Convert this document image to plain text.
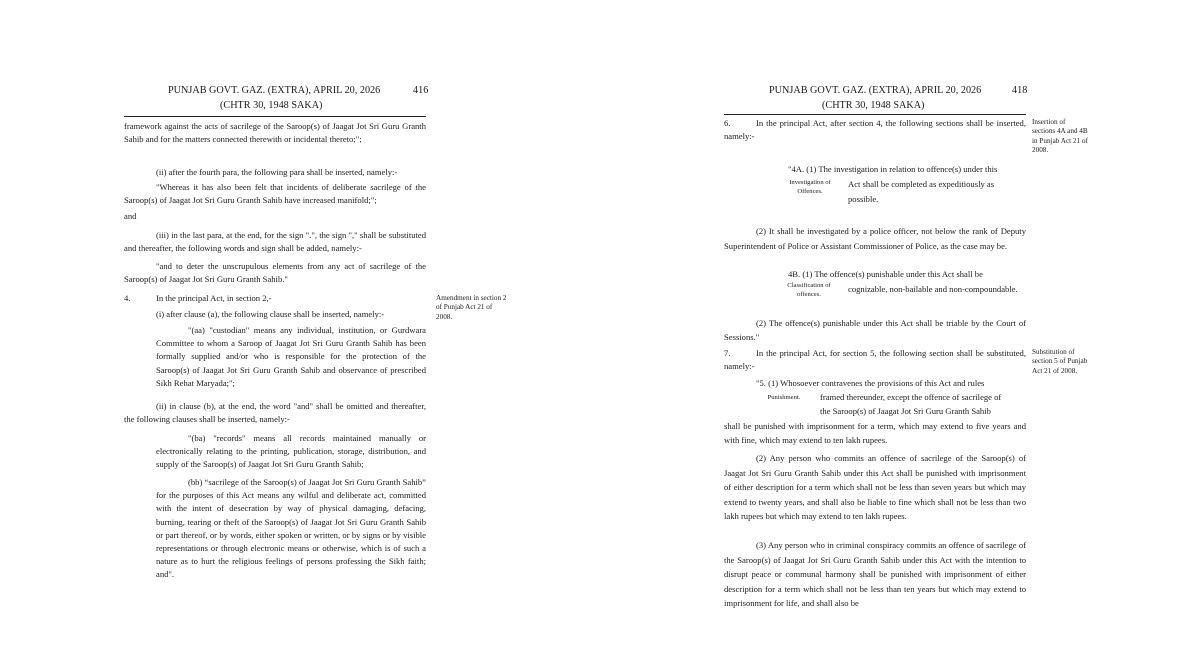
PUNJAB GOVT. GAZ. (EXTRA), APRIL 20, 2026	416
(CHTR 30, 1948 SAKA)
framework against the acts of sacrilege of the Saroop(s) of Jaagat Jot Sri Guru Granth Sahib and for the matters connected therewith or incidental thereto;";
(ii) after the fourth para, the following para shall be inserted, namely:-
"Whereas it has also been felt that incidents of deliberate sacrilege of the Saroop(s) of Jaagat Jot Sri Guru Granth Sahib have increased manifold;";
and
(iii) in the last para, at the end, for the sign ".", the sign "," shall be substituted and thereafter, the following words and sign shall be added, namely:-
"and to deter the unscrupulous elements from any act of sacrilege of the Saroop(s) of Jaagat Jot Sri Guru Granth Sahib."
4.	In the principal Act, in section 2,-	Amendment in section 2 of Punjab Act 21 of 2008.
(i) after clause (a), the following clause shall be inserted, namely:-
"(aa) "custodian" means any individual, institution, or Gurdwara Committee to whom a Saroop of Jaagat Jot Sri Guru Granth Sahib has been formally supplied and/or who is responsible for the protection of the Saroop(s) of Jaagat Jot Sri Guru Granth Sahib and observance of prescribed Sikh Rehat Maryada;";
(ii) in clause (b), at the end, the word "and" shall be omitted and thereafter, the following clauses shall be inserted, namely:-
"(ba) "records" means all records maintained manually or electronically relating to the printing, publication, storage, distribution, and supply of the Saroop(s) of Jaagat Jot Sri Guru Granth Sahib;
(bb) “sacrilege of the Saroop(s) of Jaagat Jot Sri Guru Granth Sahib” for the purposes of this Act means any wilful and deliberate act, committed with the intent of desecration by way of physical damaging, defacing, burning, tearing or theft of the Saroop(s) of Jaagat Jot Sri Guru Granth Sahib or part thereof, or by words, either spoken or written, or by signs or by visible representations or through electronic means or otherwise, which is of such a nature as to hurt the religious feelings of persons professing the Sikh faith; and".
PUNJAB GOVT. GAZ. (EXTRA), APRIL 20, 2026	418
(CHTR 30, 1948 SAKA)
6.	In the principal Act, after section 4, the following sections shall be inserted, namely:-
Insertion of sections 4A and 4B in Punjab Act 21 of 2008.
"4A. (1) The investigation in relation to offence(s) under this
Investigation of Offences.
Act shall be completed as expeditiously as possible.
(2) It shall be investigated by a police officer, not below the rank of Deputy Superintendent of Police or Assistant Commissioner of Police, as the case may be.
4B. (1) The offence(s) punishable under this Act shall be
Classification of offences.
cognizable, non-bailable and non-compoundable.
(2) The offence(s) punishable under this Act shall be triable by the Court of Sessions."
7.	In the principal Act, for section 5, the following section shall be substituted, namely:-
Substitution of section 5 of Punjab Act 21 of 2008.
"5. (1) Whosoever contravenes the provisions of this Act and rules
Punishment.	framed thereunder, except the offence of sacrilege of
the Saroop(s) of Jaagat Jot Sri Guru Granth Sahib
shall be punished with imprisonment for a term, which may extend to five years and with fine, which may extend to ten lakh rupees.
(2) Any person who commits an offence of sacrilege of the Saroop(s) of Jaagat Jot Sri Guru Granth Sahib under this Act shall be punished with imprisonment of either description for a term which shall not be less than seven years but which may extend to twenty years, and shall also be liable to fine which shall not be less than two lakh rupees but which may extend to ten lakh rupees.
(3) Any person who in criminal conspiracy commits an offence of sacrilege of the Saroop(s) of Jaagat Jot Sri Guru Granth Sahib under this Act with the intention to disrupt peace or communal harmony shall be punished with imprisonment of either description for a term which shall not be less than ten years but which may extend to imprisonment for life, and shall also be
